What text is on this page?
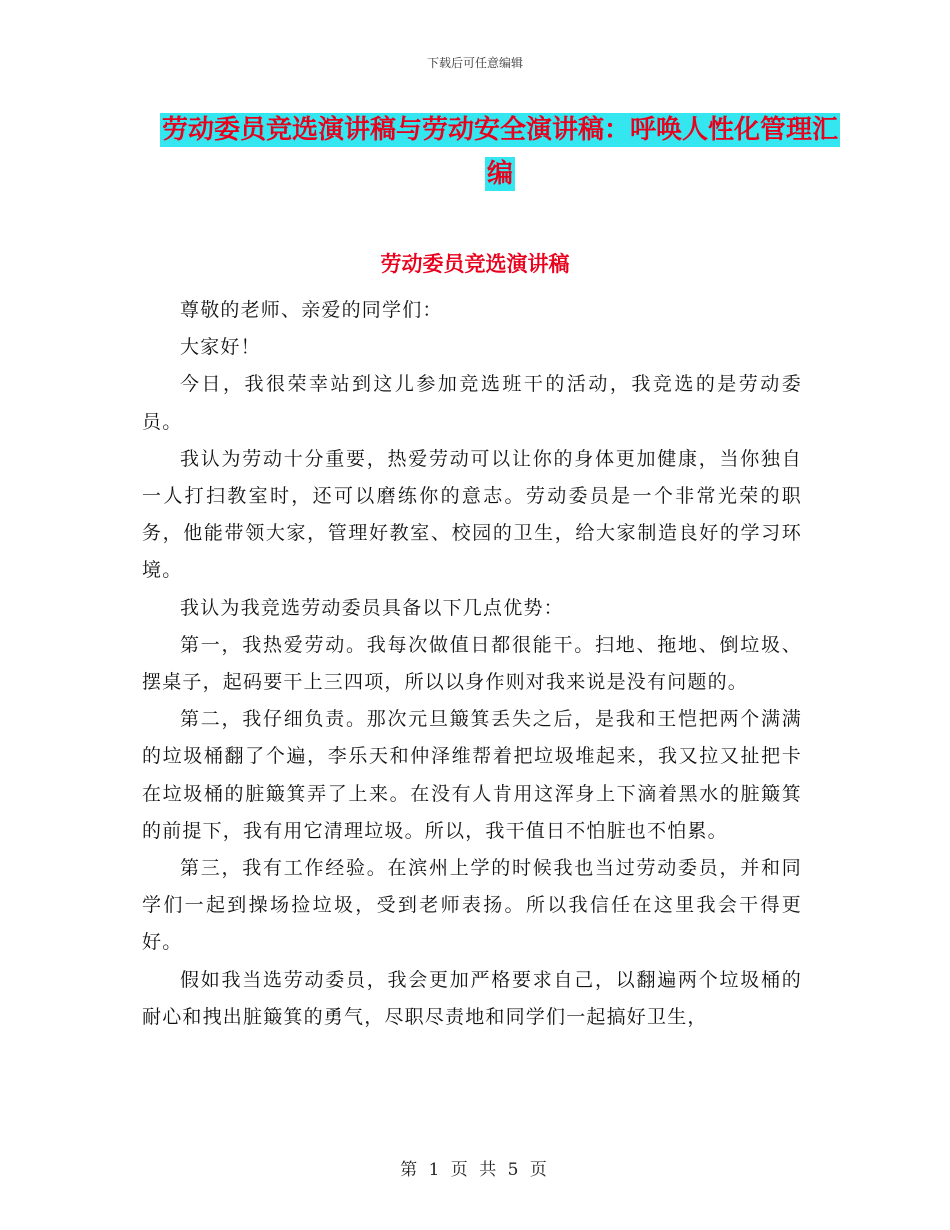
下载后可任意编辑
劳动委员竞选演讲稿与劳动安全演讲稿：呼唤人性化管理汇编
劳动委员竞选演讲稿

尊敬的老师、亲爱的同学们：

大家好！

今日，我很荣幸站到这儿参加竞选班干的活动，我竞选的是劳动委员。

我认为劳动十分重要，热爱劳动可以让你的身体更加健康，当你独自一人打扫教室时，还可以磨练你的意志。劳动委员是一个非常光荣的职务，他能带领大家，管理好教室、校园的卫生，给大家制造良好的学习环境。

我认为我竞选劳动委员具备以下几点优势：

第一，我热爱劳动。我每次做值日都很能干。扫地、拖地、倒垃圾、摆桌子，起码要干上三四项，所以以身作则对我来说是没有问题的。

第二，我仔细负责。那次元旦簸箕丢失之后，是我和王恺把两个满满的垃圾桶翻了个遍，李乐天和仲泽维帮着把垃圾堆起来，我又拉又扯把卡在垃圾桶的脏簸箕弄了上来。在没有人肯用这浑身上下滴着黑水的脏簸箕的前提下，我有用它清理垃圾。所以，我干值日不怕脏也不怕累。

第三，我有工作经验。在滨州上学的时候我也当过劳动委员，并和同学们一起到操场捡垃圾，受到老师表扬。所以我信任在这里我会干得更好。

假如我当选劳动委员，我会更加严格要求自己，以翻遍两个垃圾桶的耐心和拽出脏簸箕的勇气，尽职尽责地和同学们一起搞好卫生，

第 1 页 共 5 页
